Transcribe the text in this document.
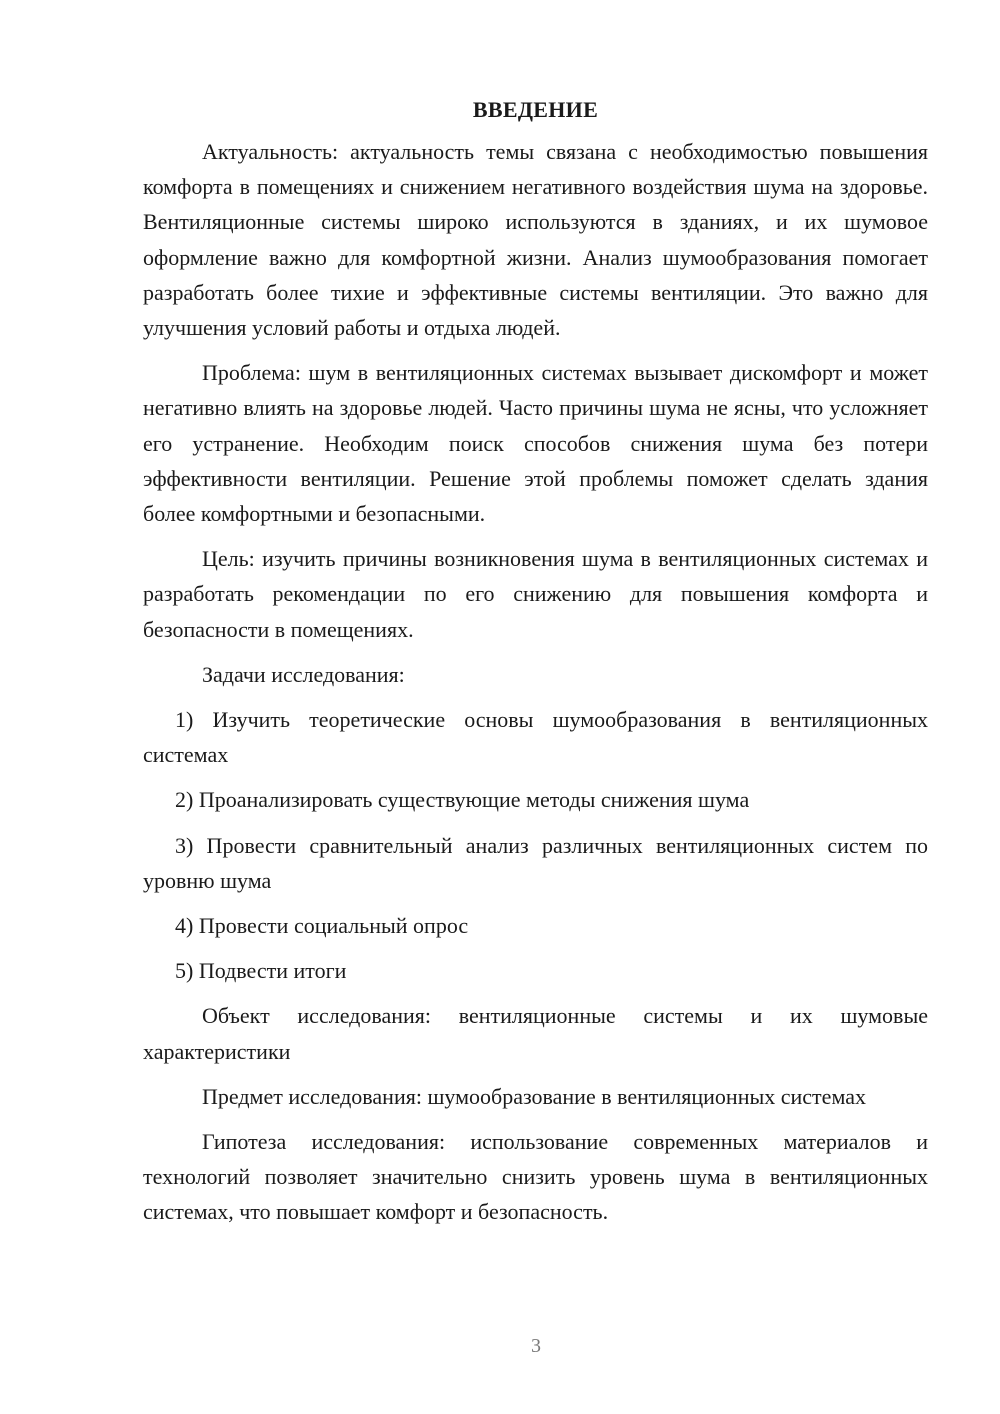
ВВЕДЕНИЕ

Актуальность: актуальность темы связана с необходимостью повышения комфорта в помещениях и снижением негативного воздействия шума на здоровье. Вентиляционные системы широко используются в зданиях, и их шумовое оформление важно для комфортной жизни. Анализ шумообразования помогает разработать более тихие и эффективные системы вентиляции. Это важно для улучшения условий работы и отдыха людей.

Проблема: шум в вентиляционных системах вызывает дискомфорт и может негативно влиять на здоровье людей. Часто причины шума не ясны, что усложняет его устранение. Необходим поиск способов снижения шума без потери эффективности вентиляции. Решение этой проблемы поможет сделать здания более комфортными и безопасными.

Цель: изучить причины возникновения шума в вентиляционных системах и разработать рекомендации по его снижению для повышения комфорта и безопасности в помещениях.

Задачи исследования:

1) Изучить теоретические основы шумообразования в вентиляционных системах

2) Проанализировать существующие методы снижения шума

3) Провести сравнительный анализ различных вентиляционных систем по уровню шума

4) Провести социальный опрос

5) Подвести итоги

Объект исследования: вентиляционные системы и их шумовые характеристики

Предмет исследования: шумообразование в вентиляционных системах

Гипотеза исследования: использование современных материалов и технологий позволяет значительно снизить уровень шума в вентиляционных системах, что повышает комфорт и безопасность.

3
